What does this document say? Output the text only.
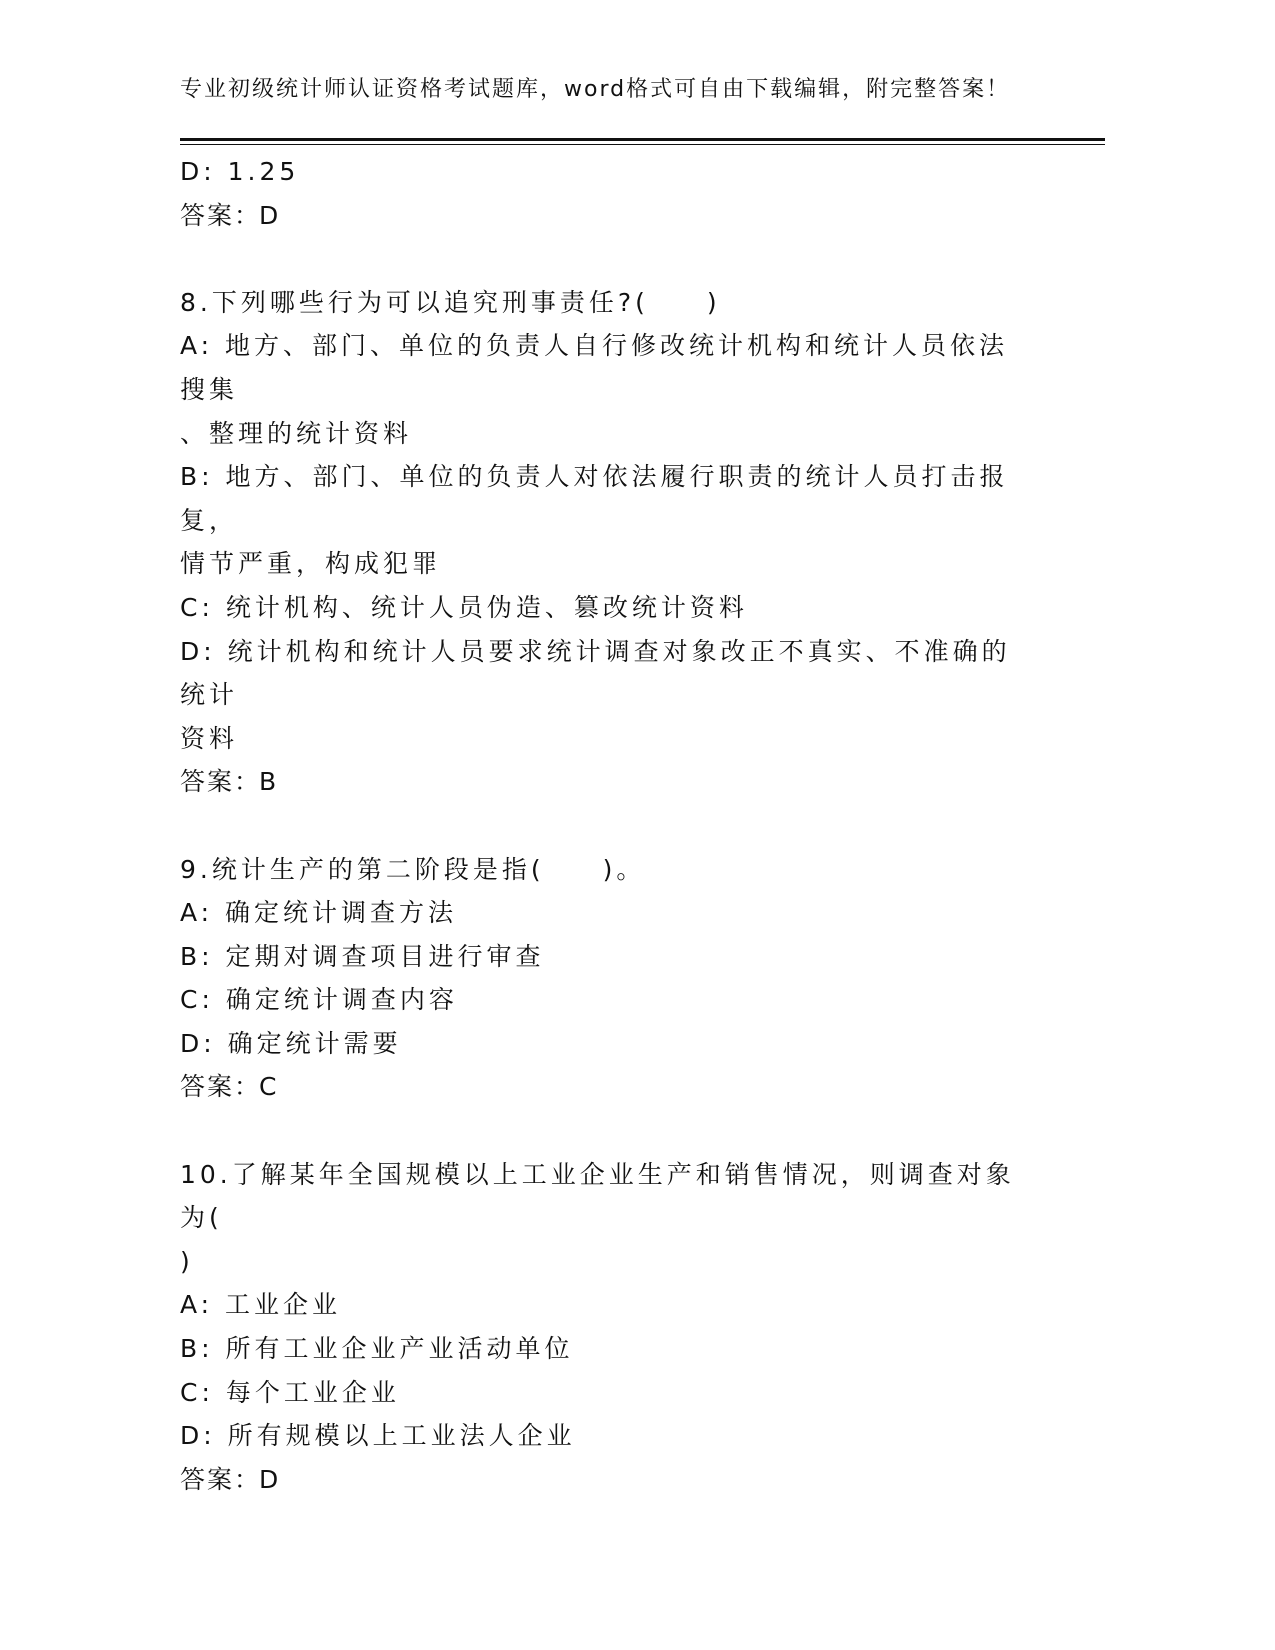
专业初级统计师认证资格考试题库，word格式可自由下载编辑，附完整答案！
D: 1.25
答案：D
8.下列哪些行为可以追究刑事责任?(　　)
A: 地方、部门、单位的负责人自行修改统计机构和统计人员依法搜集
、整理的统计资料
B: 地方、部门、单位的负责人对依法履行职责的统计人员打击报复，
情节严重，构成犯罪
C: 统计机构、统计人员伪造、篡改统计资料
D: 统计机构和统计人员要求统计调查对象改正不真实、不准确的统计
资料
答案：B
9.统计生产的第二阶段是指(　　)。
A: 确定统计调查方法
B: 定期对调查项目进行审查
C: 确定统计调查内容
D: 确定统计需要
答案：C
10.了解某年全国规模以上工业企业生产和销售情况，则调查对象为(
)
A: 工业企业
B: 所有工业企业产业活动单位
C: 每个工业企业
D: 所有规模以上工业法人企业
答案：D
